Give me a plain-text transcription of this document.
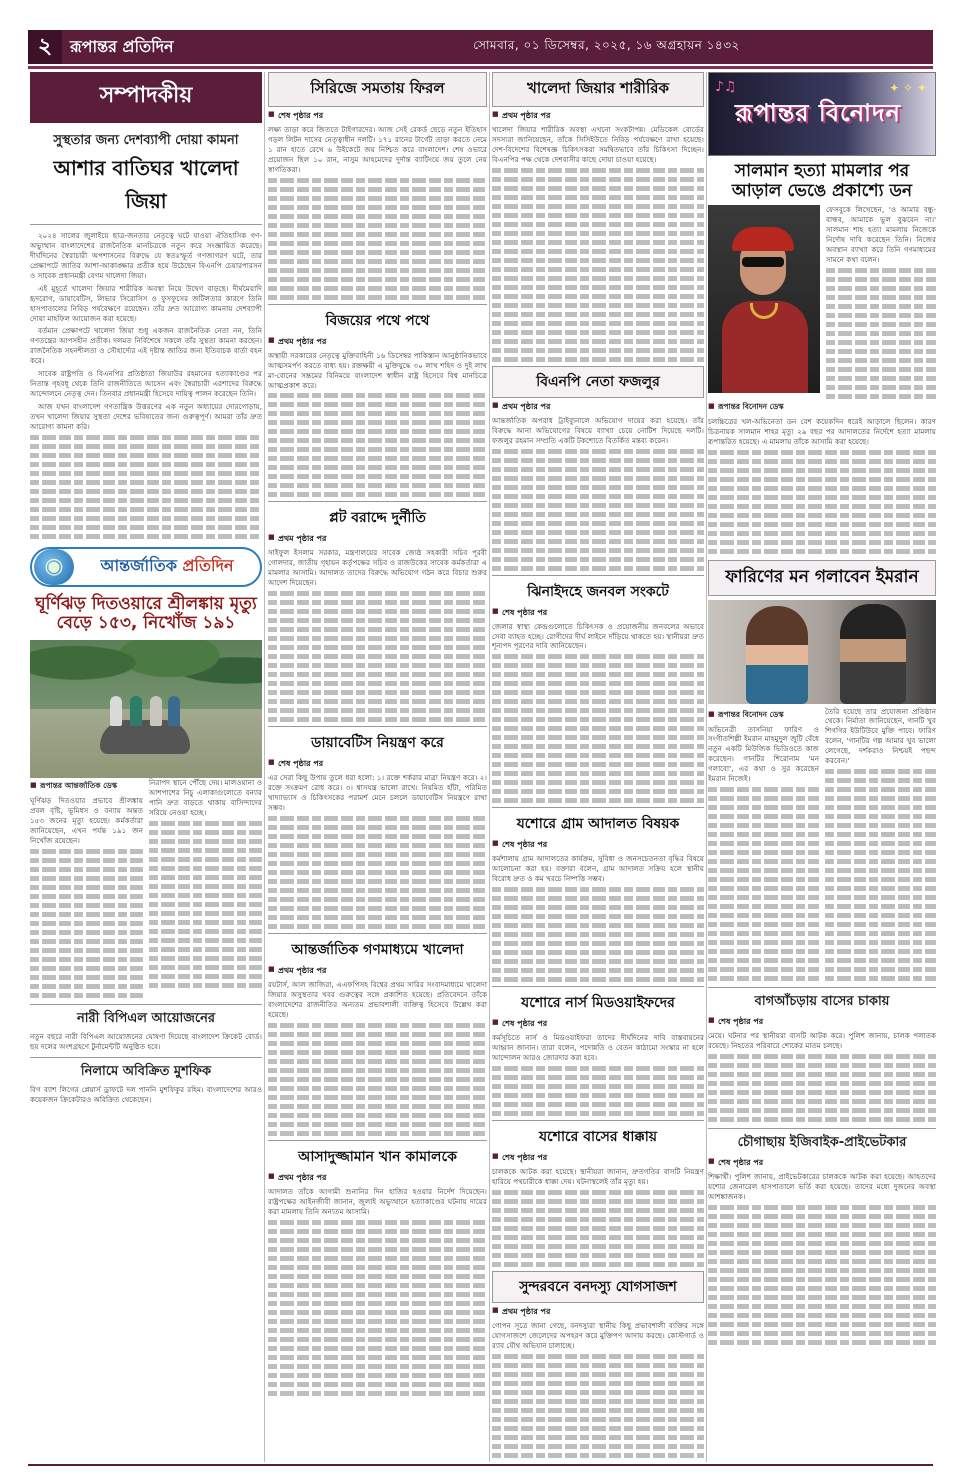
২	রূপান্তর প্রতিদিন	সোমবার, ০১ ডিসেম্বর, ২০২৫, ১৬ অগ্রহায়ন ১৪৩২
সম্পাদকীয়
সুস্থতার জন্য দেশব্যাপী দোয়া কামনা
আশার বাতিঘর খালেদা জিয়া

২০২৪ সালের জুলাইয়ে ছাত্র-জনতার নেতৃত্বে ঘটে যাওয়া ঐতিহাসিক গণ-অভ্যুত্থান বাংলাদেশের রাজনৈতিক মানচিত্রকে নতুন করে সংজ্ঞায়িত করেছে। দীর্ঘদিনের স্বৈরাচারী অপশাসনের বিরুদ্ধে যে স্বতঃস্ফূর্ত গণজাগরণ ঘটে, তার প্রেক্ষাপটে জাতির আশা-আকাঙ্ক্ষার প্রতীক হয়ে উঠেছেন বিএনপি চেয়ারপারসন ও সাবেক প্রধানমন্ত্রী বেগম খালেদা জিয়া।

এই মুহূর্তে খালেদা জিয়ার শারীরিক অবস্থা নিয়ে উদ্বেগ বাড়ছে। দীর্ঘমেয়াদি হৃদরোগ, ডায়াবেটিস, লিভার সিরোসিস ও ফুসফুসের জটিলতার কারণে তিনি হাসপাতালের নিবিড় পর্যবেক্ষণে রয়েছেন। তাঁর দ্রুত আরোগ্য কামনায় দেশব্যাপী দোয়া মাহফিল আয়োজন করা হয়েছে।

বর্তমান প্রেক্ষাপটে খালেদা জিয়া শুধু একজন রাজনৈতিক নেতা নন, তিনি গণতন্ত্রের আপসহীন প্রতীক। দলমত নির্বিশেষে সকলে তাঁর সুস্থতা কামনা করছেন। রাজনৈতিক সহনশীলতা ও সৌহার্দ্যের এই দৃষ্টান্ত জাতির জন্য ইতিবাচক বার্তা বহন করে।

সাবেক রাষ্ট্রপতি ও বিএনপির প্রতিষ্ঠাতা জিয়াউর রহমানের হত্যাকাণ্ডের পর নিতান্ত গৃহবধূ থেকে তিনি রাজনীতিতে আসেন এবং স্বৈরাচারী এরশাদের বিরুদ্ধে আন্দোলনে নেতৃত্ব দেন। তিনবার প্রধানমন্ত্রী হিসেবে দায়িত্ব পালন করেছেন তিনি।

আজ যখন বাংলাদেশ গণতান্ত্রিক উত্তরণের এক নতুন অধ্যায়ের দোরগোড়ায়, তখন খালেদা জিয়ার সুস্থতা দেশের ভবিষ্যতের জন্য গুরুত্বপূর্ণ। আমরা তাঁর দ্রুত আরোগ্য কামনা করি।

◉	আন্তর্জাতিক প্রতিদিন
ঘূর্ণিঝড় দিতওয়ারে শ্রীলঙ্কায় মৃত্যু বেড়ে ১৫৩, নিখোঁজ ১৯১
■ রূপান্তর আন্তর্জাতিক ডেস্ক
ঘূর্ণিঝড় দিতওয়ার প্রভাবে শ্রীলঙ্কায় প্রবল বৃষ্টি, ভূমিধস ও বন্যায় অন্তত ১৫৩ জনের মৃত্যু হয়েছে। কর্মকর্তারা জানিয়েছেন, এখন পর্যন্ত ১৯১ জন নিখোঁজ রয়েছেন।
নিরাপদ স্থানে পৌঁছে দেয়। মালওয়ানা ও আশপাশের নিচু এলাকাগুলোতে বন্যার পানি দ্রুত বাড়তে থাকায় বাসিন্দাদের সরিয়ে নেওয়া হচ্ছে।
নারী বিপিএল আয়োজনের
নতুন বছরে নারী বিপিএল আয়োজনের ঘোষণা দিয়েছে বাংলাদেশ ক্রিকেট বোর্ড। ছয় দলের অংশগ্রহণে টুর্নামেন্টটি অনুষ্ঠিত হবে।
নিলামে অবিক্রিত মুশফিক
বিগ ব্যাশ লিগের প্লেয়ার্স ড্রাফটে দল পাননি মুশফিকুর রহিম। বাংলাদেশের আরও কয়েকজন ক্রিকেটারও অবিক্রিত থেকেছেন।
সিরিজে সমতায় ফিরল
■ শেষ পৃষ্ঠার পর
লক্ষ্য তাড়া করে জিততে টাইগারদের। আজ সেই রেকর্ড ছেড়ে নতুন ইতিহাস গড়ল লিটন দাসের নেতৃত্বাধীন দলটি। ১৭১ রানের টার্গেট তাড়া করতে নেমে ১ রান হাতে রেখে ৬ উইকেটে জয় নিশ্চিত করে বাংলাদেশ। শেষ ওভারে প্রয়োজন ছিল ১০ রান, নাসুম আহমেদের দুর্দান্ত ব্যাটিংয়ে জয় তুলে নেয় স্বাগতিকরা।
বিজয়ের পথে পথে
■ প্রথম পৃষ্ঠার পর
অস্থায়ী সরকারের নেতৃত্বে মুক্তিবাহিনী ১৬ ডিসেম্বর পাকিস্তান আনুষ্ঠানিকভাবে আত্মসমর্পণ করতে বাধ্য হয়। রক্তক্ষয়ী এ মুক্তিযুদ্ধে ৩০ লাখ শহিদ ও দুই লাখ মা-বোনের সম্ভ্রমের বিনিময়ে বাংলাদেশ স্বাধীন রাষ্ট্র হিসেবে বিশ্ব মানচিত্রে আত্মপ্রকাশ করে।
প্লট বরাদ্দে দুর্নীতি
■ প্রথম পৃষ্ঠার পর
সাইফুল ইসলাম সরকার, মন্ত্রণালয়ের সাবেক জ্যেষ্ঠ সহকারী সচিব পূরবী গোলদার, জাতীয় গৃহায়ন কর্তৃপক্ষের সচিব ও রাজউকের সাবেক কর্মকর্তারা এ মামলার আসামি। আদালত তাদের বিরুদ্ধে অভিযোগ গঠন করে বিচার শুরুর আদেশ দিয়েছেন।
ডায়াবেটিস নিয়ন্ত্রণ করে
■ শেষ পৃষ্ঠার পর
এর সেরা কিছু উপায় তুলে ধরা হলো: ১। রক্তে শর্করার মাত্রা নিয়ন্ত্রণ করে। ২। রক্তে সংক্রমণ রোধ করে। ৩। শ্বাসযন্ত্র ভালো রাখে। নিয়মিত হাঁটা, পরিমিত খাদ্যাভ্যাস ও চিকিৎসকের পরামর্শ মেনে চললে ডায়াবেটিস নিয়ন্ত্রণে রাখা সম্ভব।
আন্তর্জাতিক গণমাধ্যমে খালেদা
■ প্রথম পৃষ্ঠার পর
রয়টার্স, আল জাজিরা, এএফপিসহ বিশ্বের প্রথম সারির সংবাদমাধ্যমে খালেদা জিয়ার অসুস্থতার খবর গুরুত্বের সঙ্গে প্রকাশিত হয়েছে। প্রতিবেদনে তাঁকে বাংলাদেশের রাজনীতির অন্যতম প্রভাবশালী ব্যক্তিত্ব হিসেবে উল্লেখ করা হয়েছে।
আসাদুজ্জামান খান কামালকে
■ প্রথম পৃষ্ঠার পর
আদালত তাঁকে আগামী শুনানির দিন হাজির হওয়ার নির্দেশ দিয়েছেন। রাষ্ট্রপক্ষের আইনজীবী জানান, জুলাই অভ্যুত্থানে হত্যাকাণ্ডের ঘটনায় দায়ের করা মামলায় তিনি অন্যতম আসামি।
খালেদা জিয়ার শারীরিক
■ প্রথম পৃষ্ঠার পর
খালেদা জিয়ার শারীরিক অবস্থা এখনো সংকটাপন্ন। মেডিকেল বোর্ডের সদস্যরা জানিয়েছেন, তাঁকে সিসিইউতে নিবিড় পর্যবেক্ষণে রাখা হয়েছে। দেশ-বিদেশের বিশেষজ্ঞ চিকিৎসকরা সমন্বিতভাবে তাঁর চিকিৎসা দিচ্ছেন। বিএনপির পক্ষ থেকে দেশবাসীর কাছে দোয়া চাওয়া হয়েছে।
বিএনপি নেতা ফজলুর
■ প্রথম পৃষ্ঠার পর
আন্তর্জাতিক অপরাধ ট্রাইব্যুনালে অভিযোগ দায়ের করা হয়েছে। তাঁর বিরুদ্ধে আনা অভিযোগের বিষয়ে ব্যাখ্যা চেয়ে নোটিশ দিয়েছে দলটি। ফজলুর রহমান সম্প্রতি একটি টকশোতে বিতর্কিত মন্তব্য করেন।
ঝিনাইদহে জনবল সংকটে
■ শেষ পৃষ্ঠার পর
জেলার স্বাস্থ্য কেন্দ্রগুলোতে চিকিৎসক ও প্রয়োজনীয় জনবলের অভাবে সেবা ব্যাহত হচ্ছে। রোগীদের দীর্ঘ লাইনে দাঁড়িয়ে থাকতে হয়। স্থানীয়রা দ্রুত শূন্যপদ পূরণের দাবি জানিয়েছেন।
যশোরে গ্রাম আদালত বিষয়ক
■ শেষ পৃষ্ঠার পর
কর্মশালায় গ্রাম আদালতের কার্যক্রম, সুবিধা ও জনসচেতনতা বৃদ্ধির বিষয়ে আলোচনা করা হয়। বক্তারা বলেন, গ্রাম আদালত সক্রিয় হলে স্থানীয় বিরোধ দ্রুত ও কম খরচে নিষ্পত্তি সম্ভব।
যশোরে নার্স মিডওয়াইফদের
■ শেষ পৃষ্ঠার পর
কর্মসূচিতে নার্স ও মিডওয়াইফরা তাদের দীর্ঘদিনের দাবি বাস্তবায়নের আহ্বান জানান। তারা বলেন, পদোন্নতি ও বেতন কাঠামো সংস্কার না হলে আন্দোলন আরও জোরদার করা হবে।
যশোরে বাসের ধাক্কায়
■ শেষ পৃষ্ঠার পর
চালককে আটক করা হয়েছে। স্থানীয়রা জানান, দ্রুতগতির বাসটি নিয়ন্ত্রণ হারিয়ে পথচারীকে ধাক্কা দেয়। ঘটনাস্থলেই তাঁর মৃত্যু হয়।
সুন্দরবনে বনদস্যু যোগসাজশ
■ প্রথম পৃষ্ঠার পর
গোপন সূত্রে জানা গেছে, বনদস্যুরা স্থানীয় কিছু প্রভাবশালী ব্যক্তির সঙ্গে যোগসাজশে জেলেদের অপহরণ করে মুক্তিপণ আদায় করছে। কোস্টগার্ড ও র‍্যাব যৌথ অভিযান চালাচ্ছে।
♪♫
রূপান্তর বিনোদন
✦ ✧ ✦
সালমান হত্যা মামলার পর আড়াল ভেঙে প্রকাশ্যে ডন
ফেসবুকে লিখেছেন, 'ও আমার বন্ধু-বান্ধব, আমাকে ভুল বুঝবেন না।' সালমান শাহ হত্যা মামলায় নিজেকে নির্দোষ দাবি করেছেন তিনি। নিজের অবস্থান ব্যাখ্যা করে তিনি গণমাধ্যমের সামনে কথা বলেন।
■ রূপান্তর বিনোদন ডেস্ক
চলচ্চিত্রের খল-অভিনেতা ডন বেশ কয়েকদিন ধরেই আড়ালে ছিলেন। কারণ চিত্রনায়ক সালমান শাহর মৃত্যু ২৯ বছর পর আদালতের নির্দেশে হত্যা মামলায় রূপান্তরিত হয়েছে। এ মামলায় তাঁকে আসামি করা হয়েছে।
ফারিণের মন গলাবেন ইমরান
■ রূপান্তর বিনোদন ডেস্ক
অভিনেত্রী তাসনিয়া ফারিণ ও সংগীতশিল্পী ইমরান মাহমুদুল জুটি বেঁধে নতুন একটি মিউজিক ভিডিওতে কাজ করেছেন। গানটির শিরোনাম 'মন গলাবো', এর কথা ও সুর করেছেন ইমরান নিজেই।
তৈরি হয়েছে তার প্রযোজনা প্রতিষ্ঠান থেকে। নির্মাতা জানিয়েছেন, গানটি খুব শিগগির ইউটিউবে মুক্তি পাবে। ফারিণ বলেন, 'গানটির গল্প আমার খুব ভালো লেগেছে, দর্শকরাও নিশ্চয়ই পছন্দ করবেন।'
বাগআঁচড়ায় বাসের চাকায়
■ শেষ পৃষ্ঠার পর
মেয়ে। ঘটনার পর স্থানীয়রা বাসটি আটক করে। পুলিশ জানায়, চালক পলাতক রয়েছে। নিহতের পরিবারে শোকের মাতম চলছে।
চৌগাছায় ইজিবাইক-প্রাইভেটকার
■ শেষ পৃষ্ঠার পর
শিক্ষার্থী। পুলিশ জানায়, প্রাইভেটকারের চালককে আটক করা হয়েছে। আহতদের যশোর জেনারেল হাসপাতালে ভর্তি করা হয়েছে। তাদের মধ্যে দুজনের অবস্থা আশঙ্কাজনক।
